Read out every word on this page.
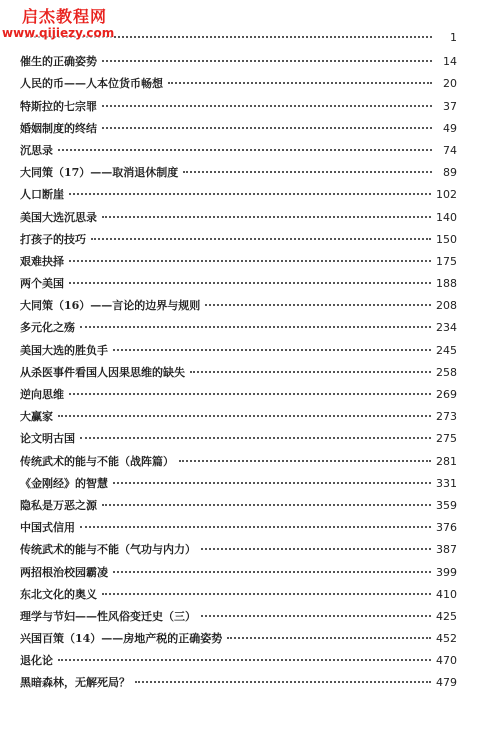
启杰教程网
www.qijiezy.com	1
催生的正确姿势	14
人民的币——人本位货币畅想	20
特斯拉的七宗罪	37
婚姻制度的终结	49
沉思录	74
大同策（17）——取消退休制度	89
人口断崖	102
美国大选沉思录	140
打孩子的技巧	150
艰难抉择	175
两个美国	188
大同策（16）——言论的边界与规则	208
多元化之殇	234
美国大选的胜负手	245
从杀医事件看国人因果思维的缺失	258
逆向思维	269
大赢家	273
论文明古国	275
传统武术的能与不能（战阵篇）	281
《金刚经》的智慧	331
隐私是万恶之源	359
中国式信用	376
传统武术的能与不能（气功与内力）	387
两招根治校园霸凌	399
东北文化的奥义	410
理学与节妇——性风俗变迁史（三）	425
兴国百策（14）——房地产税的正确姿势	452
退化论	470
黑暗森林，无解死局？	479
